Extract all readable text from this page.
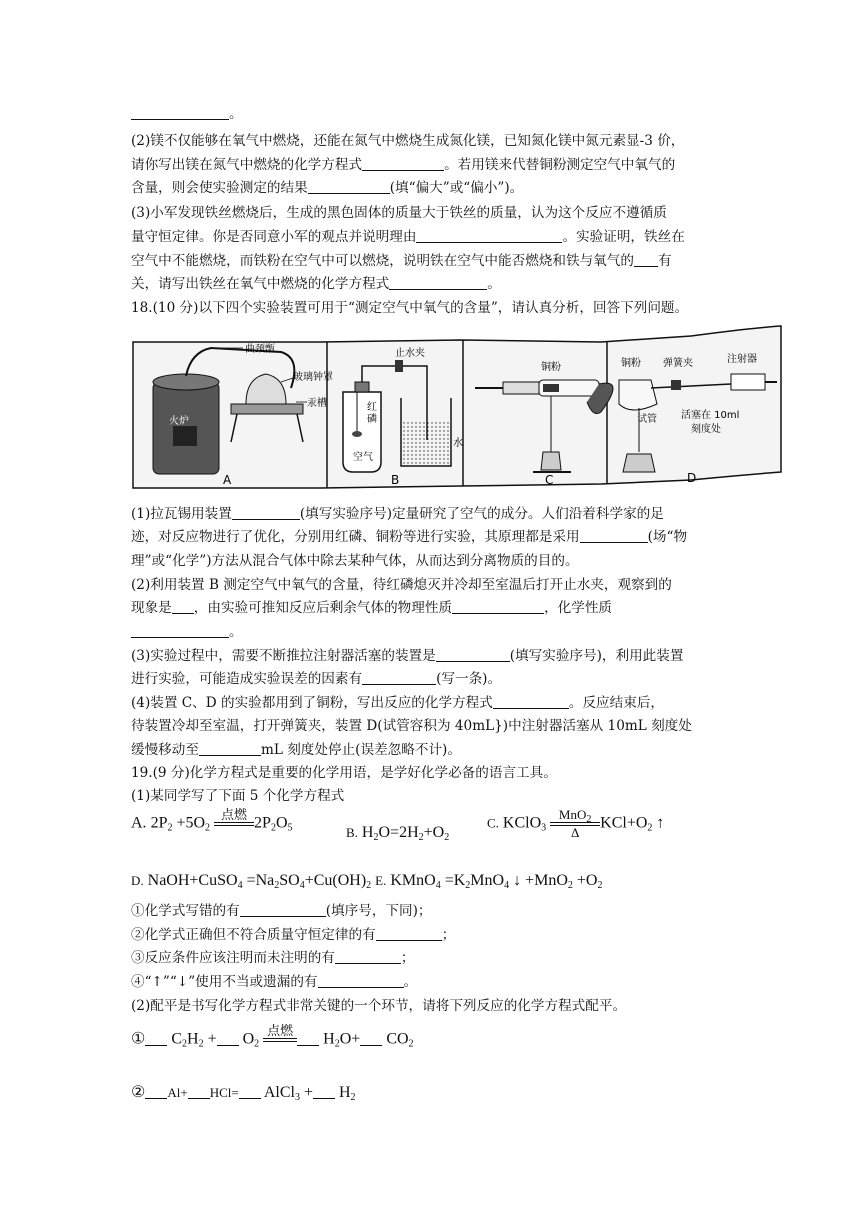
。
(2)镁不仅能够在氧气中燃烧，还能在氮气中燃烧生成氮化镁，已知氮化镁中氮元素显-3 价，
请你写出镁在氮气中燃烧的化学方程式	。若用镁来代替铜粉测定空气中氧气的
含量，则会使实验测定的结果	(填“偏大”或“偏小”)。
(3)小军发现铁丝燃烧后，生成的黑色固体的质量大于铁丝的质量，认为这个反应不遵循质
量守恒定律。你是否同意小军的观点并说明理由	。实验证明，铁丝在
空气中不能燃烧，而铁粉在空气中可以燃烧，说明铁在空气中能否燃烧和铁与氧气的 有
关，请写出铁丝在氧气中燃烧的化学方程式	。
18.(10 分)以下四个实验装置可用于“测定空气中氧气的含量”，请认真分析，回答下列问题。
曲颈甑
玻璃钟罩
汞槽
火炉
A
止水夹
红
磷
空气
水
B
铜粉
C
铜粉 弹簧夹	注射器
试管 活塞在 10ml
刻度处
D
(1)拉瓦锡用装置	(填写实验序号)定量研究了空气的成分。人们沿着科学家的足
迹，对反应物进行了优化，分别用红磷、铜粉等进行实验，其原理都是采用	(场“物
理”或“化学”)方法从混合气体中除去某种气体，从而达到分离物质的目的。
(2)利用装置 B 测定空气中氧气的含量，待红磷熄灭并冷却至室温后打开止水夹，观察到的
现象是 ，由实验可推知反应后剩余气体的物理性质	，化学性质
。
(3)实验过程中，需要不断推拉注射器活塞的装置是	(填写实验序号)，利用此装置
进行实验，可能造成实验误差的因素有	(写一条)。
(4)装置 C、D 的实验都用到了铜粉，写出反应的化学方程式	。反应结束后，
待装置冷却至室温，打开弹簧夹，装置 D(试管容积为 40mL})中注射器活塞从 10mL 刻度处
缓慢移动至	mL 刻度处停止(误差忽略不计)。
19.(9 分)化学方程式是重要的化学用语，是学好化学必备的语言工具。
(1)某同学写了下面 5 个化学方程式
A. $2P_2 +5O_2$
点燃
$2P_2O_5$	B. $H_2O=2H_2+O_2$
C. KClO$_3$
MnO$_2$
Δ
$KCl+O_2$ ↑
D. NaOH+CuSO$_4$ $=Na_2SO_4+Cu(OH)_2$ E. KMnO$_4$ $=K_2MnO_4$ ↓ $+MnO_2 +O_2$
①化学式写错的有	(填序号，下同)；
②化学式正确但不符合质量守恒定律的有	；
③反应条件应该注明而未注明的有	；
④“↑”“↓”使用不当或遗漏的有	。
(2)配平是书写化学方程式非常关键的一个环节，请将下列反应的化学方程式配平。
① $C_2H_2 + O_2$
点燃
$H_2O+ CO_2$
② Al+ HCl= AlCl$_3$ + $H_2$
